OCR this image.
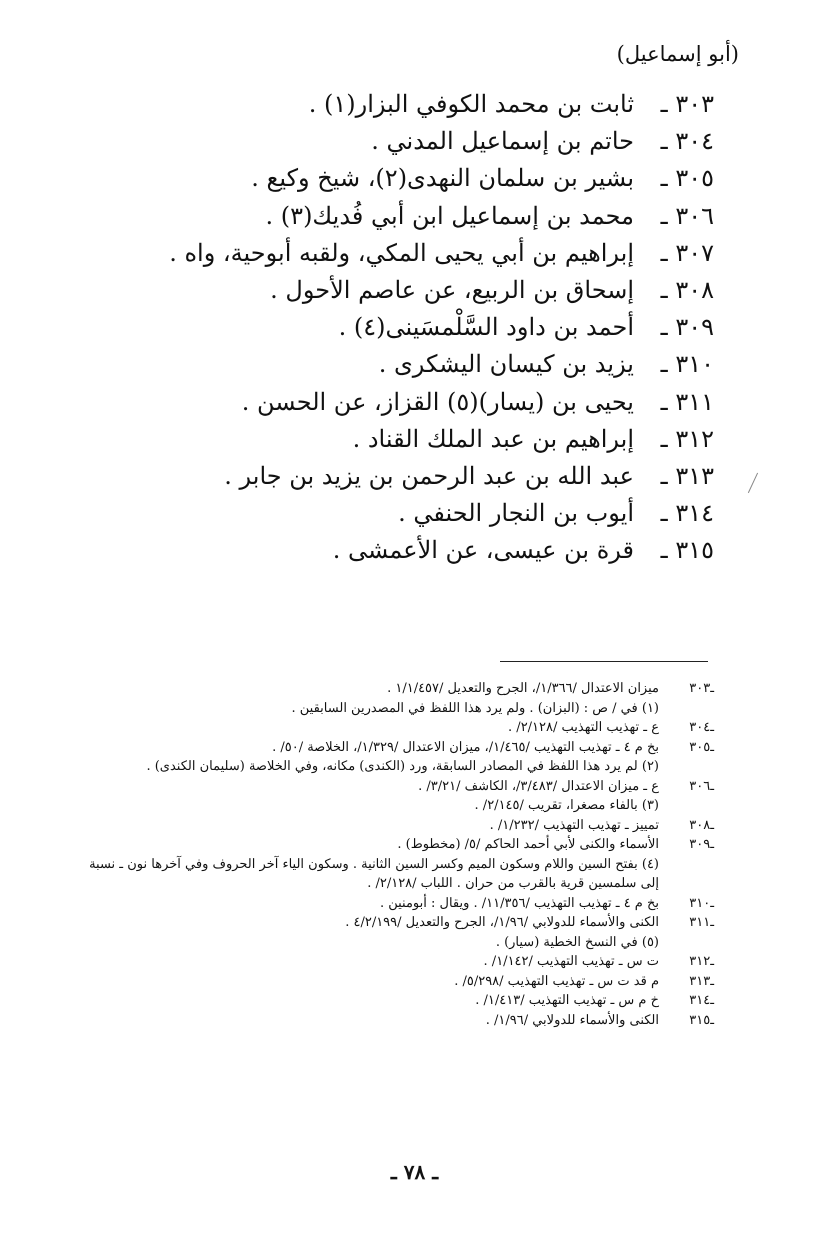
(أبو إسماعيل)
٣٠٣ ـ
ثابت بن محمد الكوفي البزار(١) .
٣٠٤ ـ
حاتم بن إسماعيل المدني .
٣٠٥ ـ
بشير بن سلمان النهدى(٢)، شيخ وكيع .
٣٠٦ ـ
محمد بن إسماعيل ابن أبي فُديك(٣) .
٣٠٧ ـ
إبراهيم بن أبي يحيى المكي، ولقبه أبوحية، واه .
٣٠٨ ـ
إسحاق بن الربيع، عن عاصم الأحول .
٣٠٩ ـ
أحمد بن داود السَّلْمسَينى(٤) .
٣١٠ ـ
يزيد بن كيسان اليشكرى .
٣١١ ـ
يحيى بن (يسار)(٥) القزاز، عن الحسن .
٣١٢ ـ
إبراهيم بن عبد الملك القناد .
٣١٣ ـ
عبد الله بن عبد الرحمن بن يزيد بن جابر .
٣١٤ ـ
أيوب بن النجار الحنفي .
٣١٥ ـ
قرة بن عيسى، عن الأعمشى .
ـ٣٠٣
ميزان الاعتدال /١/٣٦٦/، الجرح والتعديل /١/١/٤٥٧ .
(١) في / ص : (البزان) . ولم يرد هذا اللفظ في المصدرين السابقين .
ـ٣٠٤
ع ـ تهذيب التهذيب /٢/١٢٨/ .
ـ٣٠٥
بخ م ٤ ـ تهذيب التهذيب /١/٤٦٥/، ميزان الاعتدال /١/٣٢٩/، الخلاصة /٥٠/ .
(٢) لم يرد هذا اللفظ في المصادر السابقة، ورد (الكندى) مكانه، وفي الخلاصة (سليمان الكندى) .
ـ٣٠٦
ع ـ ميزان الاعتدال /٣/٤٨٣/، الكاشف /٣/٢١/ .
(٣) بالفاء مصغرا، تقريب /٢/١٤٥/ .
ـ٣٠٨
تمييز ـ تهذيب التهذيب /١/٢٣٢/ .
ـ٣٠٩
الأسماء والكنى لأبي أحمد الحاكم /٥/ (مخطوط) .
(٤) بفتح السين واللام وسكون الميم وكسر السين الثانية . وسكون الياء آخر الحروف وفي آخرها نون ـ نسبة
إلى سلمسين قرية بالقرب من حران . اللباب /٢/١٢٨/ .
ـ٣١٠
بخ م ٤ ـ تهذيب التهذيب /١١/٣٥٦/ . ويقال : أبومنين .
ـ٣١١
الكنى والأسماء للدولابي /١/٩٦/، الجرح والتعديل /٤/٢/١٩٩ .
(٥) في النسخ الخطية (سيار) .
ـ٣١٢
ت س ـ تهذيب التهذيب /١/١٤٢/ .
ـ٣١٣
م قد ت س ـ تهذيب التهذيب /٥/٢٩٨/ .
ـ٣١٤
خ م س ـ تهذيب التهذيب /١/٤١٣/ .
ـ٣١٥
الكنى والأسماء للدولابي /١/٩٦/ .
ـ ٧٨ ـ
